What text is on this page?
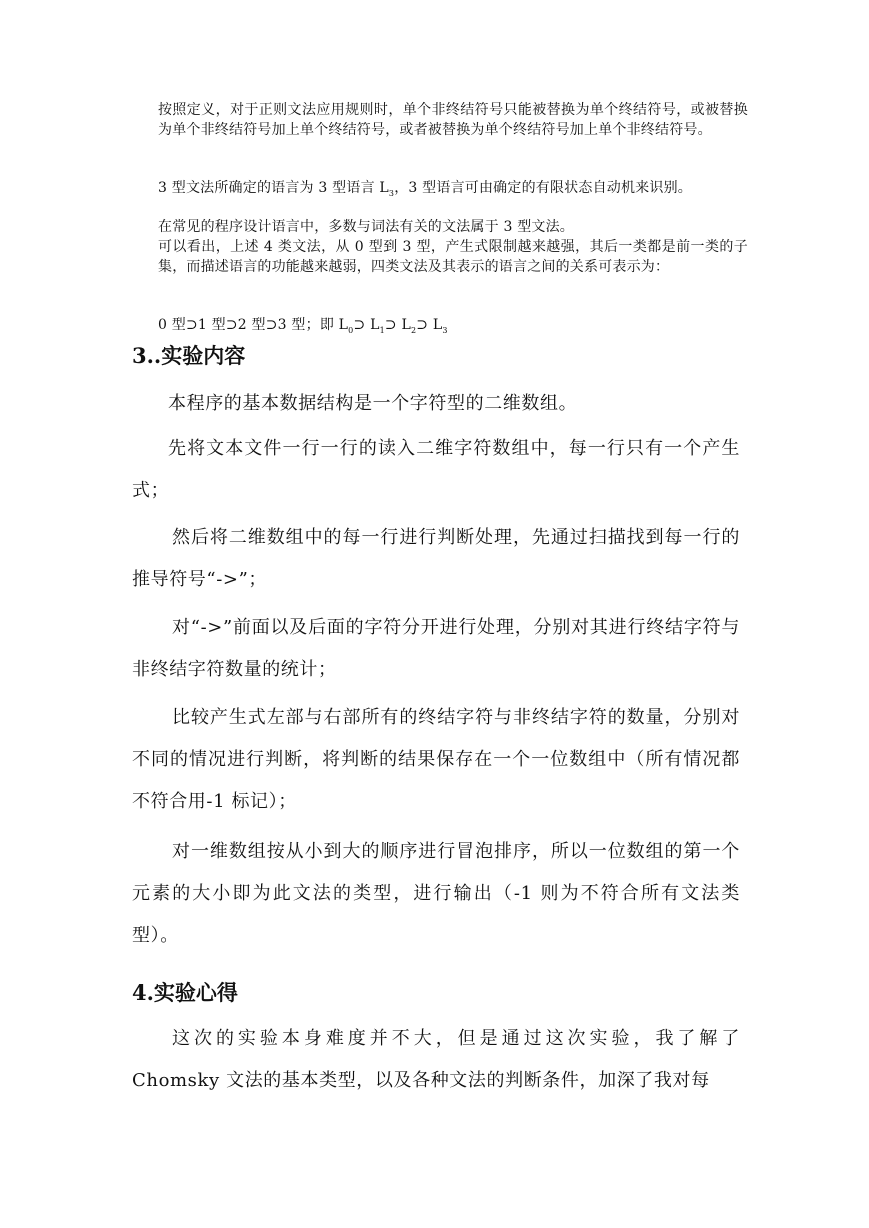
按照定义，对于正则文法应用规则时，单个非终结符号只能被替换为单个终结符号，或被替换为单个非终结符号加上单个终结符号，或者被替换为单个终结符号加上单个非终结符号。

3 型文法所确定的语言为 3 型语言 $L_3$，3 型语言可由确定的有限状态自动机来识别。

在常见的程序设计语言中，多数与词法有关的文法属于 3 型文法。

可以看出，上述 4 类文法，从 0 型到 3 型，产生式限制越来越强，其后一类都是前一类的子集，而描述语言的功能越来越弱，四类文法及其表示的语言之间的关系可表示为：

0 型⊃1 型⊃2 型⊃3 型；即 $L_0⊃$ $L_1⊃$ $L_2⊃$ $L_3$

3..实验内容

本程序的基本数据结构是一个字符型的二维数组。

先将文本文件一行一行的读入二维字符数组中，每一行只有一个产生式；

然后将二维数组中的每一行进行判断处理，先通过扫描找到每一行的推导符号“->”；

对“->”前面以及后面的字符分开进行处理，分别对其进行终结字符与非终结字符数量的统计；

比较产生式左部与右部所有的终结字符与非终结字符的数量，分别对不同的情况进行判断，将判断的结果保存在一个一位数组中（所有情况都不符合用-1 标记）；

对一维数组按从小到大的顺序进行冒泡排序，所以一位数组的第一个元素的大小即为此文法的类型，进行输出（-1 则为不符合所有文法类型）。

4.实验心得

这次的实验本身难度并不大，但是通过这次实验，我了解了Chomsky 文法的基本类型，以及各种文法的判断条件，加深了我对每
